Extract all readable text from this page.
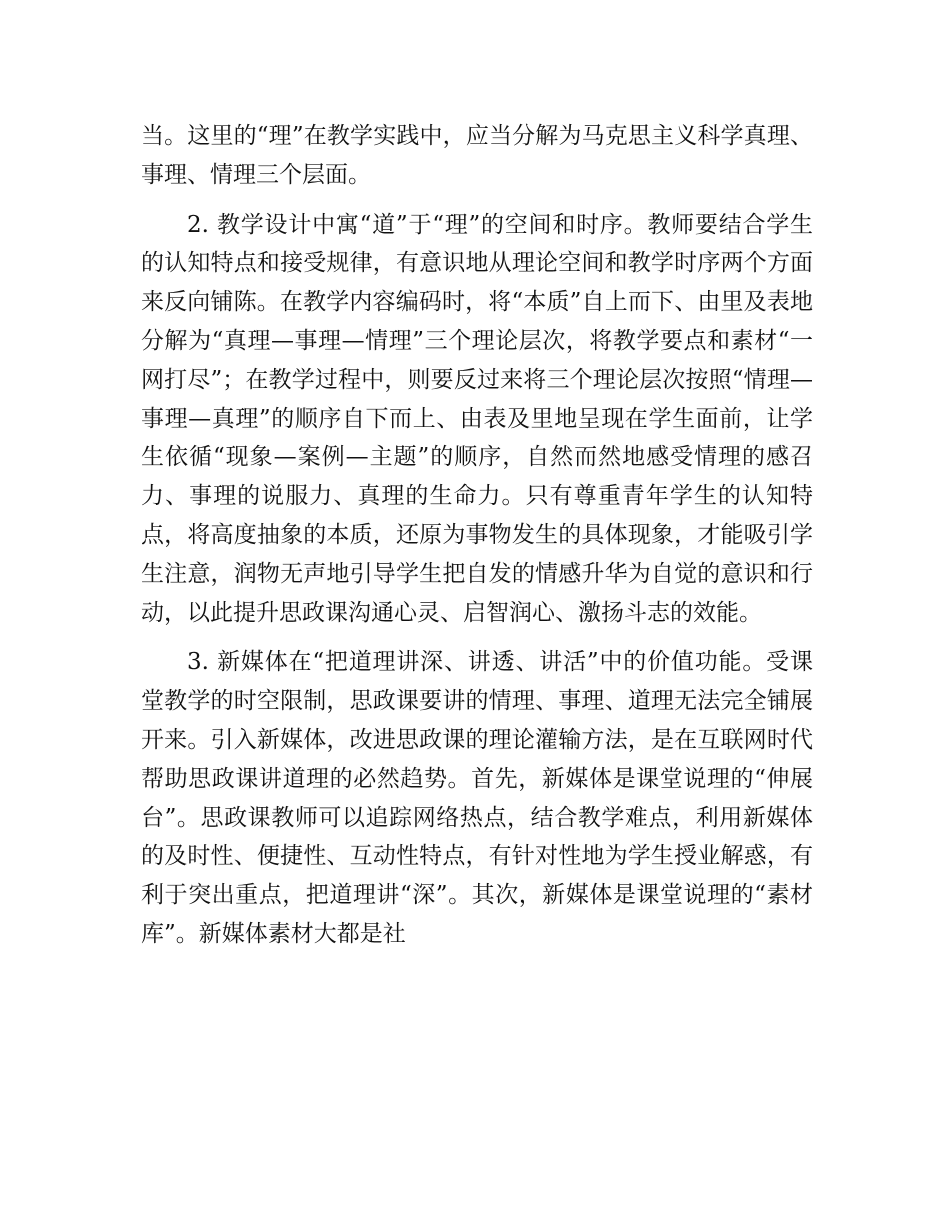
当。这里的“理”在教学实践中，应当分解为马克思主义科学真理、事理、情理三个层面。

2. 教学设计中寓“道”于“理”的空间和时序。教师要结合学生的认知特点和接受规律，有意识地从理论空间和教学时序两个方面来反向铺陈。在教学内容编码时，将“本质”自上而下、由里及表地分解为“真理—事理—情理”三个理论层次，将教学要点和素材“一网打尽”；在教学过程中，则要反过来将三个理论层次按照“情理—事理—真理”的顺序自下而上、由表及里地呈现在学生面前，让学生依循“现象—案例—主题”的顺序，自然而然地感受情理的感召力、事理的说服力、真理的生命力。只有尊重青年学生的认知特点，将高度抽象的本质，还原为事物发生的具体现象，才能吸引学生注意，润物无声地引导学生把自发的情感升华为自觉的意识和行动，以此提升思政课沟通心灵、启智润心、激扬斗志的效能。

3. 新媒体在“把道理讲深、讲透、讲活”中的价值功能。受课堂教学的时空限制，思政课要讲的情理、事理、道理无法完全铺展开来。引入新媒体，改进思政课的理论灌输方法，是在互联网时代帮助思政课讲道理的必然趋势。首先，新媒体是课堂说理的“伸展台”。思政课教师可以追踪网络热点，结合教学难点，利用新媒体的及时性、便捷性、互动性特点，有针对性地为学生授业解惑，有利于突出重点，把道理讲“深”。其次，新媒体是课堂说理的“素材库”。新媒体素材大都是社
